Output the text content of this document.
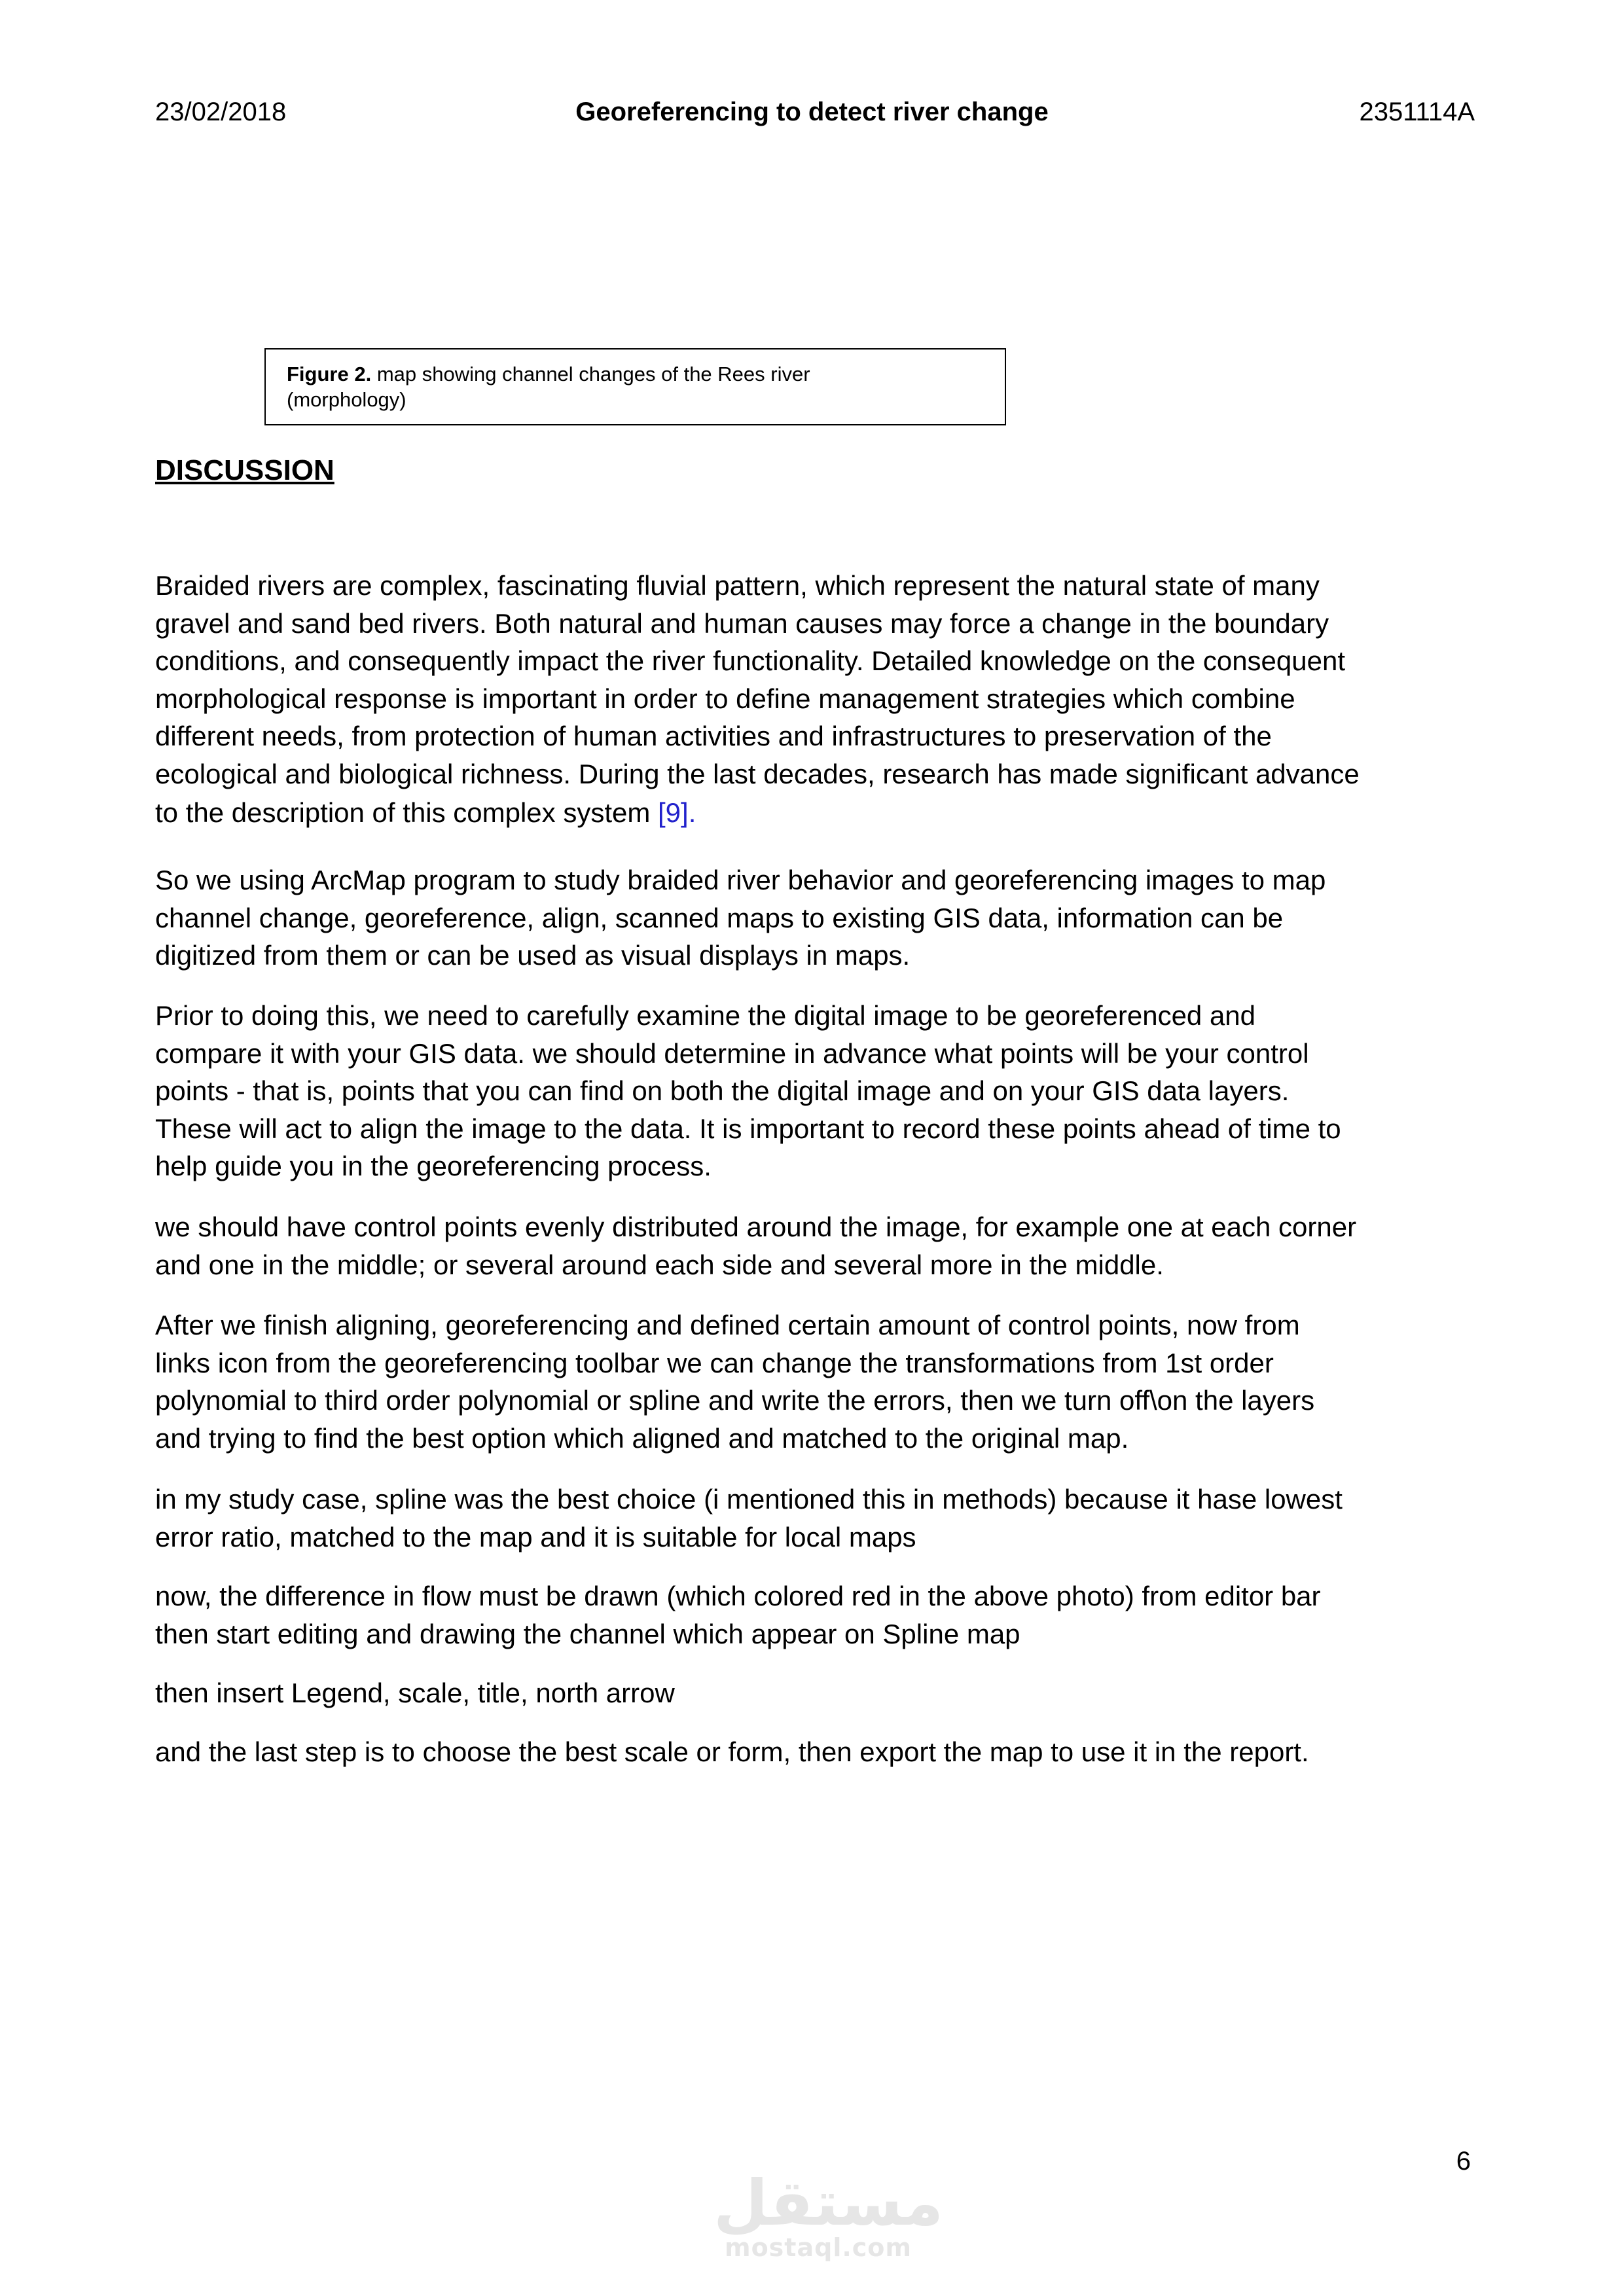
23/02/2018	Georeferencing to detect river change	2351114A
Figure 2. map showing channel changes of the Rees river
(morphology)
DISCUSSION

Braided rivers are complex, fascinating fluvial pattern, which represent the natural state of many
gravel and sand bed rivers. Both natural and human causes may force a change in the boundary
conditions, and consequently impact the river functionality. Detailed knowledge on the consequent
morphological response is important in order to define management strategies which combine
different needs, from protection of human activities and infrastructures to preservation of the
ecological and biological richness. During the last decades, research has made significant advance
to the description of this complex system [9].

So we using ArcMap program to study braided river behavior and georeferencing images to map
channel change, georeference, align, scanned maps to existing GIS data, information can be
digitized from them or can be used as visual displays in maps.

Prior to doing this, we need to carefully examine the digital image to be georeferenced and
compare it with your GIS data. we should determine in advance what points will be your control
points - that is, points that you can find on both the digital image and on your GIS data layers.
These will act to align the image to the data. It is important to record these points ahead of time to
help guide you in the georeferencing process.

we should have control points evenly distributed around the image, for example one at each corner
and one in the middle; or several around each side and several more in the middle.

After we finish aligning, georeferencing and defined certain amount of control points, now from
links icon from the georeferencing toolbar we can change the transformations from 1st order
polynomial to third order polynomial or spline and write the errors, then we turn off\on the layers
and trying to find the best option which aligned and matched to the original map.

in my study case, spline was the best choice (i mentioned this in methods) because it hase lowest
error ratio, matched to the map and it is suitable for local maps

now, the difference in flow must be drawn (which colored red in the above photo) from editor bar
then start editing and drawing the channel which appear on Spline map

then insert Legend, scale, title, north arrow

and the last step is to choose the best scale or form, then export the map to use it in the report.

6
مستقل
mostaql.com
